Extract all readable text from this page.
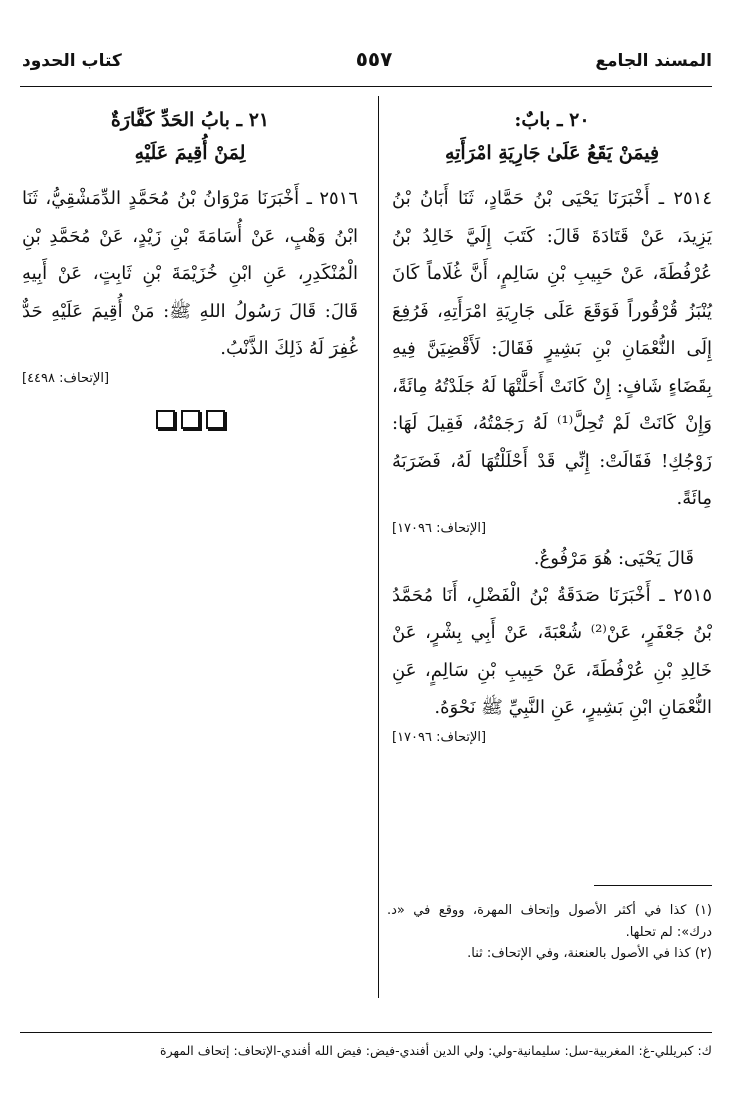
المسند الجامع
٥٥٧
كتاب الحدود
٢٠ ـ بابٌ:
فِيمَنْ يَقَعُ عَلَىٰ جَارِيَةِ امْرَأَتِهِ

٢٥١٤ ـ أَخْبَرَنَا يَحْيَى بْنُ حَمَّادٍ، ثَنَا أَبَانُ بْنُ يَزِيدَ، عَنْ قَتَادَةَ قَالَ: كَتَبَ إِلَيَّ خَالِدُ بْنُ عُرْفُطَةَ، عَنْ حَبِيبِ بْنِ سَالِمٍ، أَنَّ غُلَاماً كَانَ يُنْبَزُ قُرْقُوراً فَوَقَعَ عَلَى جَارِيَةِ امْرَأَتِهِ، فَرُفِعَ إِلَى النُّعْمَانِ بْنِ بَشِيرٍ فَقَالَ: لَأَقْضِيَنَّ فِيهِ بِقَضَاءٍ شَافٍ: إِنْ كَانَتْ أَحَلَّتْهَا لَهُ جَلَدْتُهُ مِائَةً، وَإِنْ كَانَتْ لَمْ تُحِلَّ⁽¹⁾ لَهُ رَجَمْتُهُ، فَقِيلَ لَهَا: زَوْجُكِ! فَقَالَتْ: إِنِّي قَدْ أَحْلَلْتُهَا لَهُ، فَضَرَبَهُ مِائَةً.

[الإتحاف: ١٧٠٩٦]

قَالَ يَحْيَى: هُوَ مَرْفُوعٌ.

٢٥١٥ ـ أَخْبَرَنَا صَدَقَةُ بْنُ الْفَضْلِ، أَنَا مُحَمَّدُ بْنُ جَعْفَرٍ، عَنْ⁽²⁾ شُعْبَةَ، عَنْ أَبِي بِشْرٍ، عَنْ خَالِدِ بْنِ عُرْفُطَةَ، عَنْ حَبِيبِ بْنِ سَالِمٍ، عَنِ النُّعْمَانِ ابْنِ بَشِيرٍ، عَنِ النَّبِيِّ ﷺ نَحْوَهُ.

[الإتحاف: ١٧٠٩٦]

٢١ ـ بابُ الحَدِّ كَفَّارَةٌ
لِمَنْ أُقِيمَ عَلَيْهِ

٢٥١٦ ـ أَخْبَرَنَا مَرْوَانُ بْنُ مُحَمَّدٍ الدِّمَشْقِيُّ، ثَنَا ابْنُ وَهْبٍ، عَنْ أُسَامَةَ بْنِ زَيْدٍ، عَنْ مُحَمَّدِ بْنِ الْمُنْكَدِرِ، عَنِ ابْنِ خُزَيْمَةَ بْنِ ثَابِتٍ، عَنْ أَبِيهِ قَالَ: قَالَ رَسُولُ اللهِ ﷺ: مَنْ أُقِيمَ عَلَيْهِ حَدٌّ غُفِرَ لَهُ ذَلِكَ الذَّنْبُ.

[الإتحاف: ٤٤٩٨]

(١) كذا في أكثر الأصول وإتحاف المهرة، ووقع في «د. درك»: لم تحلها.

(٢) كذا في الأصول بالعنعنة، وفي الإتحاف: ثنا.

ك: كبريللي-غ: المغربية-سل: سليمانية-ولي: ولي الدين أفندي-فيض: فيض الله أفندي-الإتحاف: إتحاف المهرة
